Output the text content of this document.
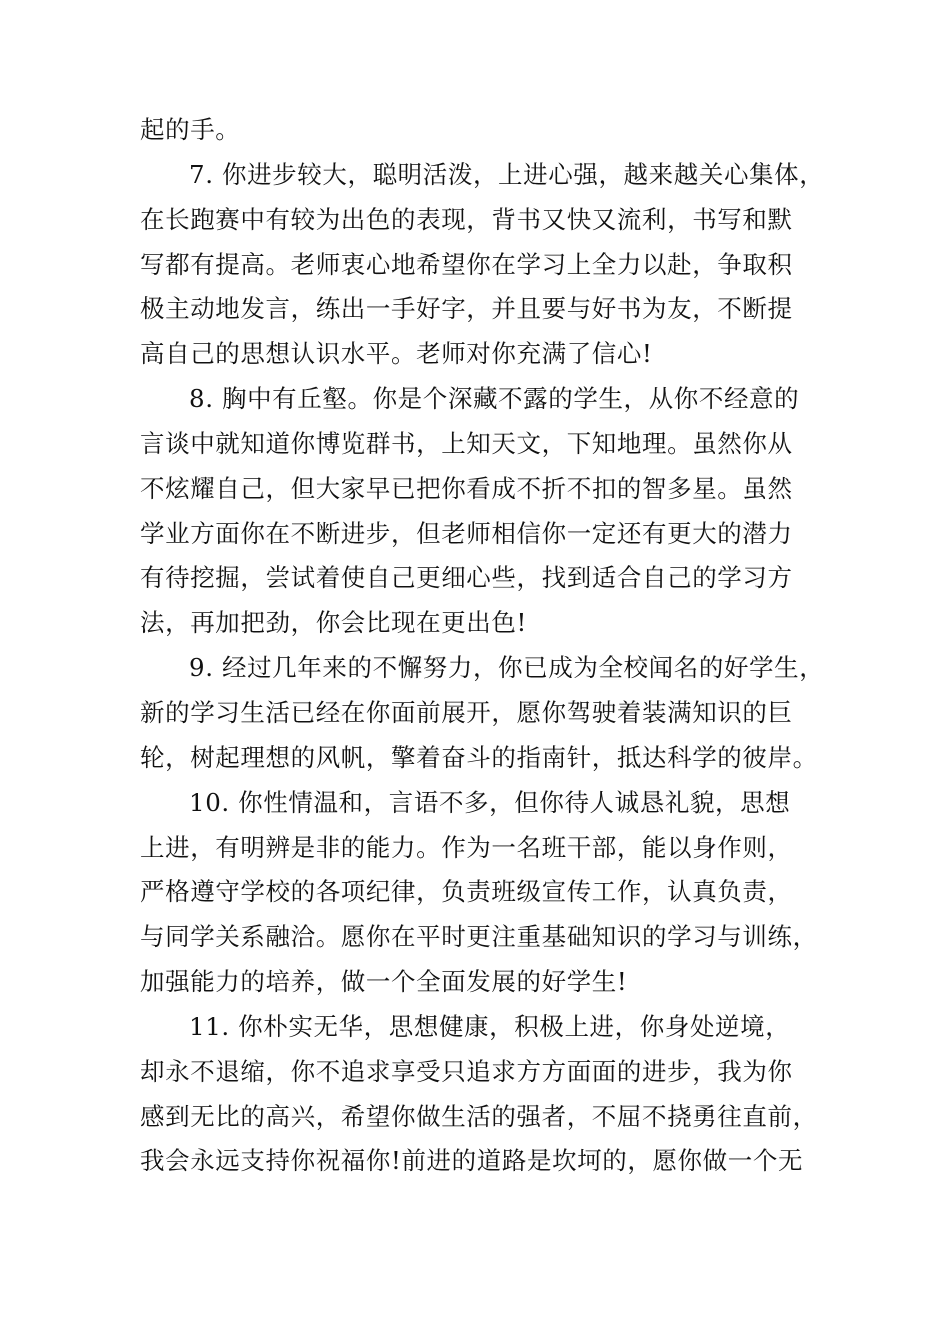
起的手。
7. 你进步较大，聪明活泼，上进心强，越来越关心集体，
在长跑赛中有较为出色的表现，背书又快又流利，书写和默
写都有提高。老师衷心地希望你在学习上全力以赴，争取积
极主动地发言，练出一手好字，并且要与好书为友，不断提
高自己的思想认识水平。老师对你充满了信心!
8. 胸中有丘壑。你是个深藏不露的学生，从你不经意的
言谈中就知道你博览群书，上知天文，下知地理。虽然你从
不炫耀自己，但大家早已把你看成不折不扣的智多星。虽然
学业方面你在不断进步，但老师相信你一定还有更大的潜力
有待挖掘，尝试着使自己更细心些，找到适合自己的学习方
法，再加把劲，你会比现在更出色!
9. 经过几年来的不懈努力，你已成为全校闻名的好学生，
新的学习生活已经在你面前展开，愿你驾驶着装满知识的巨
轮，树起理想的风帆，擎着奋斗的指南针，抵达科学的彼岸。
10. 你性情温和，言语不多，但你待人诚恳礼貌，思想
上进，有明辨是非的能力。作为一名班干部，能以身作则，
严格遵守学校的各项纪律，负责班级宣传工作，认真负责，
与同学关系融洽。愿你在平时更注重基础知识的学习与训练，
加强能力的培养，做一个全面发展的好学生!
11. 你朴实无华，思想健康，积极上进，你身处逆境，
却永不退缩，你不追求享受只追求方方面面的进步，我为你
感到无比的高兴，希望你做生活的强者，不屈不挠勇往直前，
我会永远支持你祝福你!前进的道路是坎坷的，愿你做一个无
